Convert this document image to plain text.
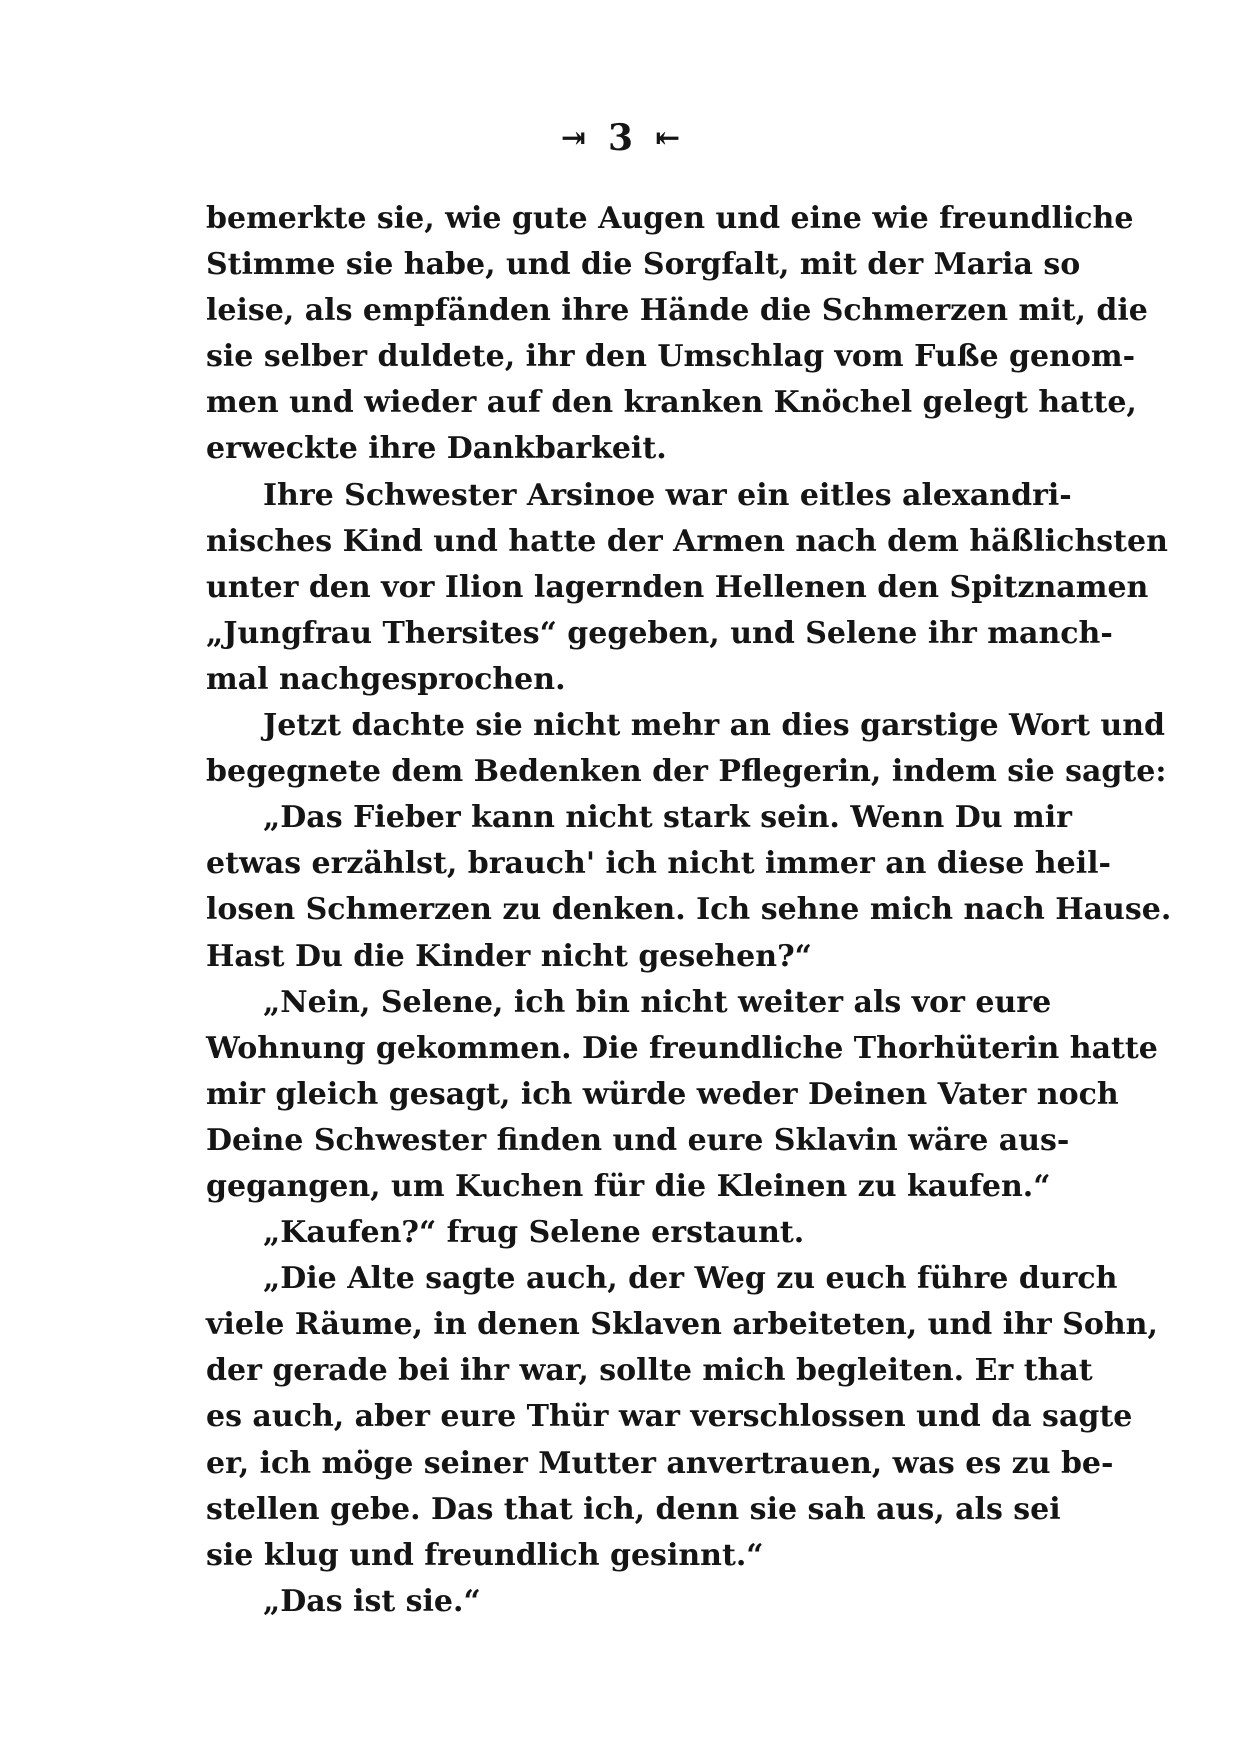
⇥ 3 ⇤
bemerkte sie, wie gute Augen und eine wie freundliche
Stimme sie habe, und die Sorgfalt, mit der Maria so
leise, als empfänden ihre Hände die Schmerzen mit, die
sie selber duldete, ihr den Umschlag vom Fuße genom-
men und wieder auf den kranken Knöchel gelegt hatte,
erweckte ihre Dankbarkeit.
Ihre Schwester Arsinoe war ein eitles alexandri-
nisches Kind und hatte der Armen nach dem häßlichsten
unter den vor Ilion lagernden Hellenen den Spitznamen
„Jungfrau Thersites“ gegeben, und Selene ihr manch-
mal nachgesprochen.
Jetzt dachte sie nicht mehr an dies garstige Wort und
begegnete dem Bedenken der Pflegerin, indem sie sagte:
„Das Fieber kann nicht stark sein. Wenn Du mir
etwas erzählst, brauch' ich nicht immer an diese heil-
losen Schmerzen zu denken. Ich sehne mich nach Hause.
Hast Du die Kinder nicht gesehen?“
„Nein, Selene, ich bin nicht weiter als vor eure
Wohnung gekommen. Die freundliche Thorhüterin hatte
mir gleich gesagt, ich würde weder Deinen Vater noch
Deine Schwester finden und eure Sklavin wäre aus-
gegangen, um Kuchen für die Kleinen zu kaufen.“
„Kaufen?“ frug Selene erstaunt.
„Die Alte sagte auch, der Weg zu euch führe durch
viele Räume, in denen Sklaven arbeiteten, und ihr Sohn,
der gerade bei ihr war, sollte mich begleiten. Er that
es auch, aber eure Thür war verschlossen und da sagte
er, ich möge seiner Mutter anvertrauen, was es zu be-
stellen gebe. Das that ich, denn sie sah aus, als sei
sie klug und freundlich gesinnt.“
„Das ist sie.“
